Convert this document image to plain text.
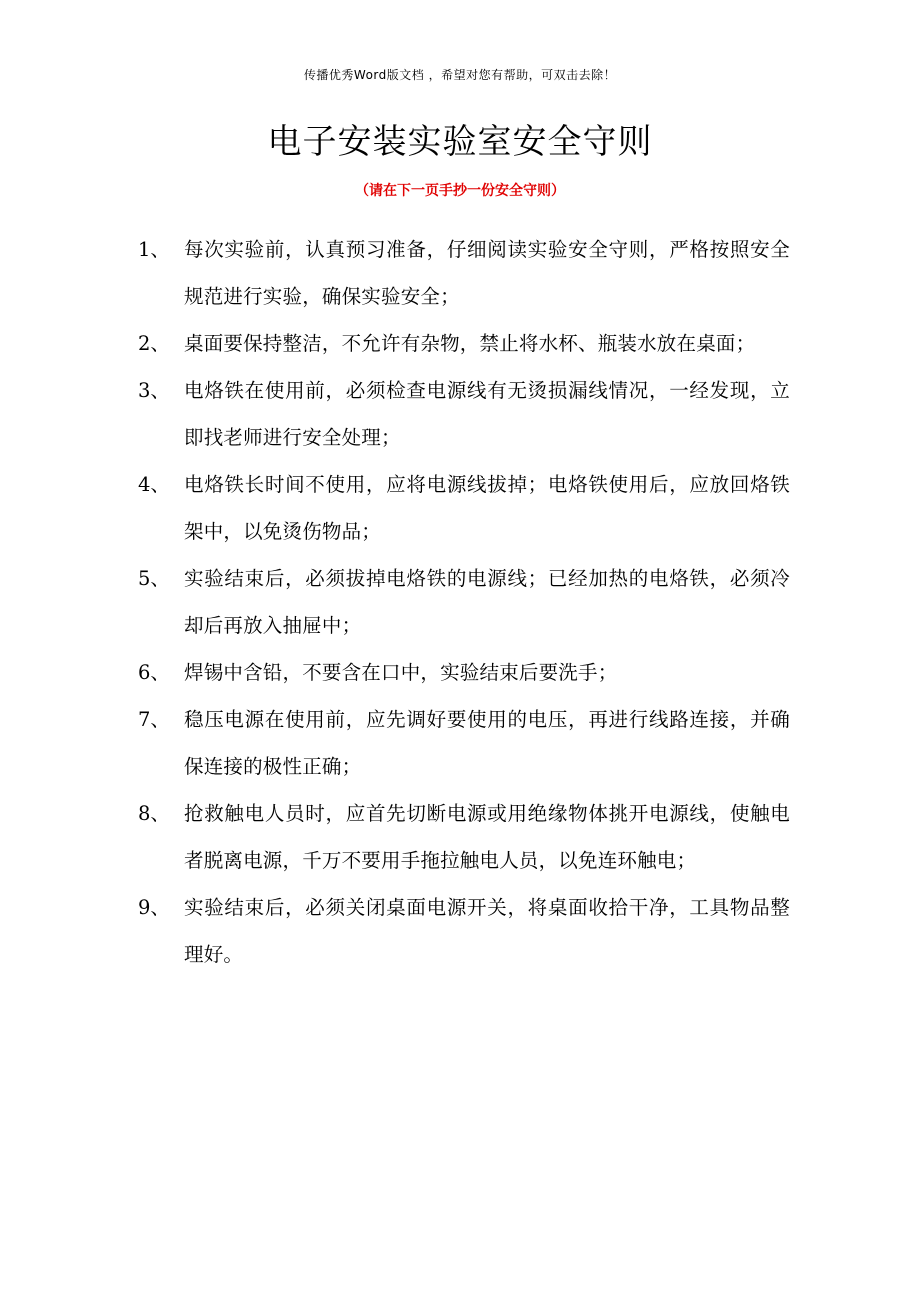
传播优秀Word版文档 ，希望对您有帮助，可双击去除！
电子安装实验室安全守则
（请在下一页手抄一份安全守则）
1、 每次实验前，认真预习准备，仔细阅读实验安全守则，严格按照安全规范进行实验，确保实验安全；
2、 桌面要保持整洁，不允许有杂物，禁止将水杯、瓶装水放在桌面；
3、 电烙铁在使用前，必须检查电源线有无烫损漏线情况，一经发现，立即找老师进行安全处理；
4、 电烙铁长时间不使用，应将电源线拔掉；电烙铁使用后，应放回烙铁架中，以免烫伤物品；
5、 实验结束后，必须拔掉电烙铁的电源线；已经加热的电烙铁，必须冷却后再放入抽屉中；
6、 焊锡中含铅，不要含在口中，实验结束后要洗手；
7、 稳压电源在使用前，应先调好要使用的电压，再进行线路连接，并确保连接的极性正确；
8、 抢救触电人员时，应首先切断电源或用绝缘物体挑开电源线，使触电者脱离电源，千万不要用手拖拉触电人员，以免连环触电；
9、 实验结束后，必须关闭桌面电源开关，将桌面收拾干净，工具物品整理好。
